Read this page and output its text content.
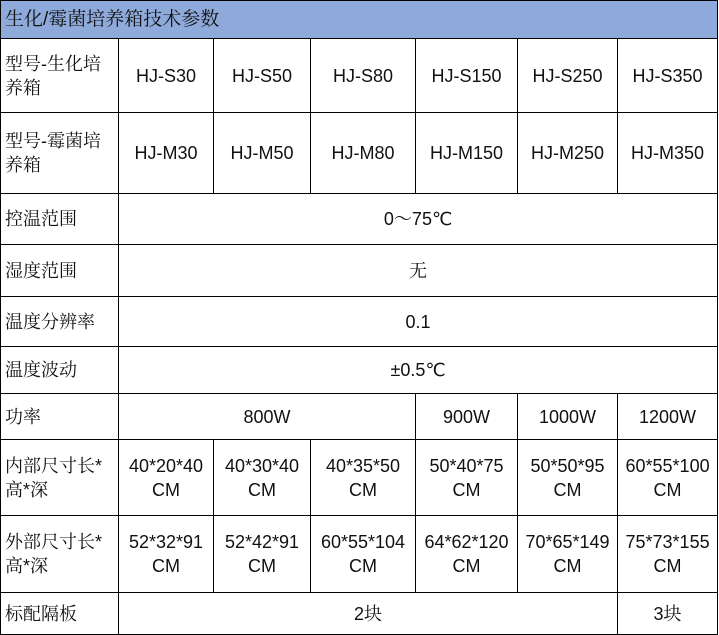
生化/霉菌培养箱技术参数						
型号-生化培养箱	HJ-S30	HJ-S50	HJ-S80	HJ-S150	HJ-S250	HJ-S350
型号-霉菌培养箱	HJ-M30	HJ-M50	HJ-M80	HJ-M150	HJ-M250	HJ-M350
控温范围	0～75℃					
湿度范围	无					
温度分辨率	0.1					
温度波动	±0.5℃					
功率	800W			900W	1000W	1200W
内部尺寸长*高*深	40*20*40 CM	40*30*40 CM	40*35*50 CM	50*40*75 CM	50*50*95 CM	60*55*100 CM
外部尺寸长*高*深	52*32*91 CM	52*42*91 CM	60*55*104 CM	64*62*120 CM	70*65*149 CM	75*73*155 CM
标配隔板	2块					3块
